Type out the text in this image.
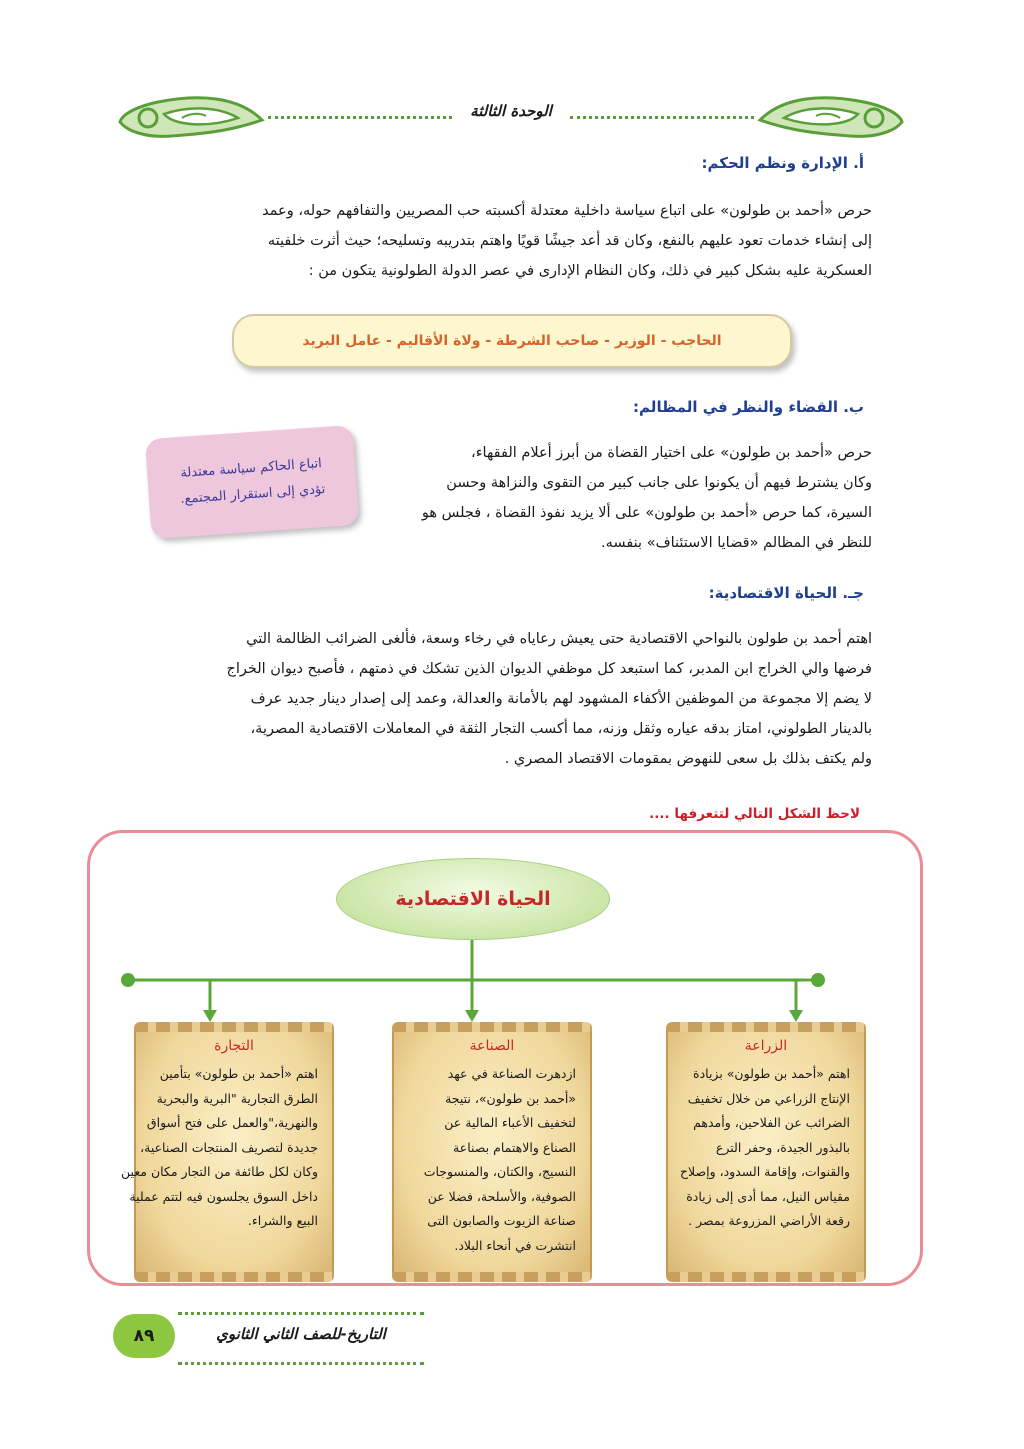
الوحدة الثالثة
أ. الإدارة ونظم الحكم:
حرص «أحمد بن طولون» على اتباع سياسة داخلية معتدلة أكسبته حب المصريين والتفافهم حوله، وعمد
إلى إنشاء خدمات تعود عليهم بالنفع، وكان قد أعد جيشًا قويًا واهتم بتدريبه وتسليحه؛ حيث أثرت خلفيته
العسكرية عليه بشكل كبير في ذلك، وكان النظام الإدارى في عصر الدولة الطولونية يتكون من :
الحاجب - الوزير - صاحب الشرطة - ولاة الأقاليم - عامل البريد
ب. القضاء والنظر في المظالم:
حرص «أحمد بن طولون» على اختيار القضاة من أبرز أعلام الفقهاء،
وكان يشترط فيهم أن يكونوا على جانب كبير من التقوى والنزاهة وحسن
السيرة، كما حرص «أحمد بن طولون» على ألا يزيد نفوذ القضاة ، فجلس هو
للنظر في المظالم «قضايا الاستئناف» بنفسه.
اتباع الحاكم سياسة معتدلة
تؤدي إلى استقرار المجتمع.
جـ. الحياة الاقتصادية:
اهتم أحمد بن طولون بالنواحي الاقتصادية حتى يعيش رعاياه في رخاء وسعة، فألغى الضرائب الظالمة التي
فرضها والي الخراج ابن المدبر، كما استبعد كل موظفي الديوان الذين تشكك في ذمتهم ، فأصبح ديوان الخراج
لا يضم إلا مجموعة من الموظفين الأكفاء المشهود لهم بالأمانة والعدالة، وعمد إلى إصدار دينار جديد عرف
بالدينار الطولوني، امتاز بدقه عياره وثقل وزنه، مما أكسب التجار الثقة في المعاملات الاقتصادية المصرية،
ولم يكتف بذلك بل سعى للنهوض بمقومات الاقتصاد المصري .
لاحظ الشكل التالي لتتعرفها ....
الحياة الاقتصادية
الزراعة
اهتم «أحمد بن طولون» بزيادة
الإنتاج الزراعي من خلال تخفيف
الضرائب عن الفلاحين، وأمدهم
بالبذور الجيدة، وحفر الترع
والقنوات، وإقامة السدود، وإصلاح
مقياس النيل، مما أدى إلى زيادة
رقعة الأراضي المزروعة بمصر .
الصناعة
ازدهرت الصناعة في عهد
«أحمد بن طولون»، نتيجة
لتخفيف الأعباء المالية عن
الصناع والاهتمام بصناعة
النسيج، والكتان، والمنسوجات
الصوفية، والأسلحة، فضلا عن
صناعة الزيوت والصابون التى
انتشرت في أنحاء البلاد.
التجارة
اهتم «أحمد بن طولون» بتأمين
الطرق التجارية "البرية والبحرية
والنهرية،"والعمل على فتح أسواق
جديدة لتصريف المنتجات الصناعية،
وكان لكل طائفة من التجار مكان معين
داخل السوق يجلسون فيه لتتم عملية
البيع والشراء.
التاريخ-للصف الثاني الثانوي
٨٩
